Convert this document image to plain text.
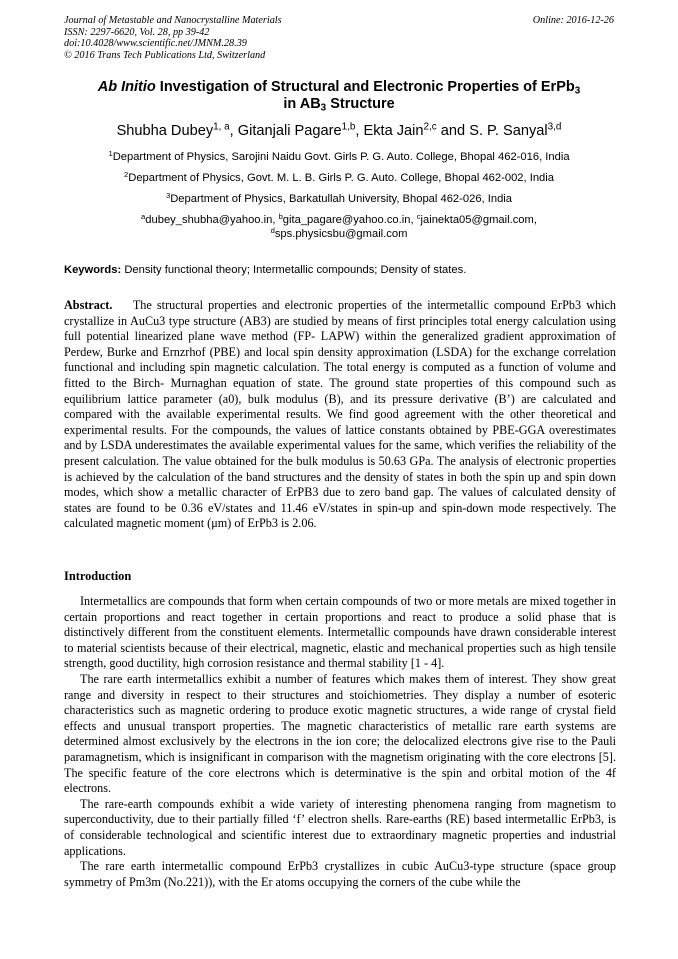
Journal of Metastable and Nanocrystalline Materials
ISSN: 2297-6620, Vol. 28, pp 39-42
doi:10.4028/www.scientific.net/JMNM.28.39
© 2016 Trans Tech Publications Ltd, Switzerland
Online: 2016-12-26
Ab Initio Investigation of Structural and Electronic Properties of ErPb$_3$
in $AB_3$ Structure
Shubha Dubey$^{1, a}$, Gitanjali Pagare$^{1,b}$, Ekta Jain$^{2,c}$ and S. P. Sanyal$^{3,d}$
$^1$Department of Physics, Sarojini Naidu Govt. Girls P. G. Auto. College, Bhopal 462-016, India
$^2$Department of Physics, Govt. M. L. B. Girls P. G. Auto. College, Bhopal 462-002, India
$^3$Department of Physics, Barkatullah University, Bhopal 462-026, India
$^a$dubey_shubha@yahoo.in, $^b$gita_pagare@yahoo.co.in, $^c$jainekta05@gmail.com,
$^d$sps.physicsbu@gmail.com
Keywords: Density functional theory; Intermetallic compounds; Density of states.
Abstract. The structural properties and electronic properties of the intermetallic compound ErPb3 which crystallize in AuCu3 type structure (AB3) are studied by means of first principles total energy calculation using full potential linearized plane wave method (FP- LAPW) within the generalized gradient approximation of Perdew, Burke and Ernzrhof (PBE) and local spin density approximation (LSDA) for the exchange correlation functional and including spin magnetic calculation. The total energy is computed as a function of volume and fitted to the Birch- Murnaghan equation of state. The ground state properties of this compound such as equilibrium lattice parameter (a0), bulk modulus (B), and its pressure derivative (B’) are calculated and compared with the available experimental results. We find good agreement with the other theoretical and experimental results. For the compounds, the values of lattice constants obtained by PBE-GGA overestimates and by LSDA underestimates the available experimental values for the same, which verifies the reliability of the present calculation. The value obtained for the bulk modulus is 50.63 GPa. The analysis of electronic properties is achieved by the calculation of the band structures and the density of states in both the spin up and spin down modes, which show a metallic character of ErPB3 due to zero band gap. The values of calculated density of states are found to be 0.36 eV/states and 11.46 eV/states in spin-up and spin-down mode respectively. The calculated magnetic moment (μm) of ErPb3 is 2.06.
Introduction

Intermetallics are compounds that form when certain compounds of two or more metals are mixed together in certain proportions and react together in certain proportions and react to produce a solid phase that is distinctively different from the constituent elements. Intermetallic compounds have drawn considerable interest to material scientists because of their electrical, magnetic, elastic and mechanical properties such as high tensile strength, good ductility, high corrosion resistance and thermal stability [1 - 4].

The rare earth intermetallics exhibit a number of features which makes them of interest. They show great range and diversity in respect to their structures and stoichiometries. They display a number of esoteric characteristics such as magnetic ordering to produce exotic magnetic structures, a wide range of crystal field effects and unusual transport properties. The magnetic characteristics of metallic rare earth systems are determined almost exclusively by the electrons in the ion core; the delocalized electrons give rise to the Pauli paramagnetism, which is insignificant in comparison with the magnetism originating with the core electrons [5]. The specific feature of the core electrons which is determinative is the spin and orbital motion of the 4f electrons.

The rare-earth compounds exhibit a wide variety of interesting phenomena ranging from magnetism to superconductivity, due to their partially filled ‘f’ electron shells. Rare-earths (RE) based intermetallic ErPb3, is of considerable technological and scientific interest due to extraordinary magnetic properties and industrial applications.

The rare earth intermetallic compound ErPb3 crystallizes in cubic AuCu3-type structure (space group symmetry of Pm3m (No.221)), with the Er atoms occupying the corners of the cube while the
